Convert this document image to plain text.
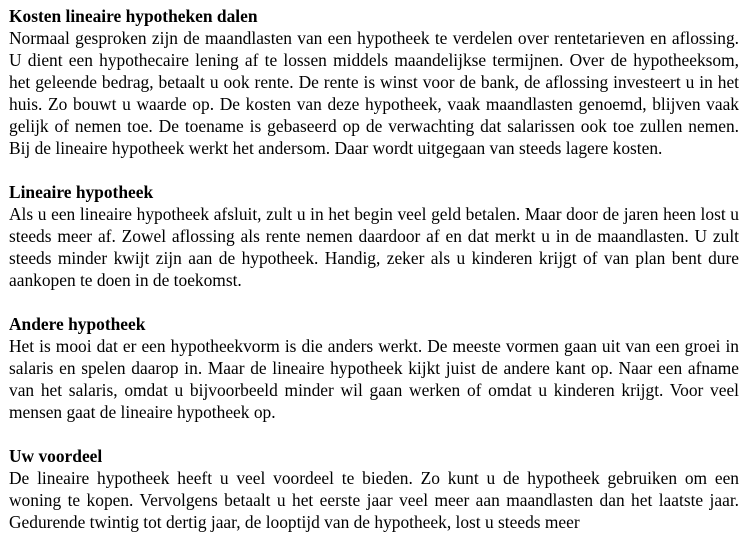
Kosten lineaire hypotheken dalen

Normaal gesproken zijn de maandlasten van een hypotheek te verdelen over rentetarieven en aflossing. U dient een hypothecaire lening af te lossen middels maandelijkse termijnen. Over de hypotheeksom, het geleende bedrag, betaalt u ook rente. De rente is winst voor de bank, de aflossing investeert u in het huis. Zo bouwt u waarde op. De kosten van deze hypotheek, vaak maandlasten genoemd, blijven vaak gelijk of nemen toe. De toename is gebaseerd op de verwachting dat salarissen ook toe zullen nemen. Bij de lineaire hypotheek werkt het andersom. Daar wordt uitgegaan van steeds lagere kosten.

Lineaire hypotheek

Als u een lineaire hypotheek afsluit, zult u in het begin veel geld betalen. Maar door de jaren heen lost u steeds meer af. Zowel aflossing als rente nemen daardoor af en dat merkt u in de maandlasten. U zult steeds minder kwijt zijn aan de hypotheek. Handig, zeker als u kinderen krijgt of van plan bent dure aankopen te doen in de toekomst.

Andere hypotheek

Het is mooi dat er een hypotheekvorm is die anders werkt. De meeste vormen gaan uit van een groei in salaris en spelen daarop in. Maar de lineaire hypotheek kijkt juist de andere kant op. Naar een afname van het salaris, omdat u bijvoorbeeld minder wil gaan werken of omdat u kinderen krijgt. Voor veel mensen gaat de lineaire hypotheek op.

Uw voordeel

De lineaire hypotheek heeft u veel voordeel te bieden. Zo kunt u de hypotheek gebruiken om een woning te kopen. Vervolgens betaalt u het eerste jaar veel meer aan maandlasten dan het laatste jaar. Gedurende twintig tot dertig jaar, de looptijd van de hypotheek, lost u steeds meer
